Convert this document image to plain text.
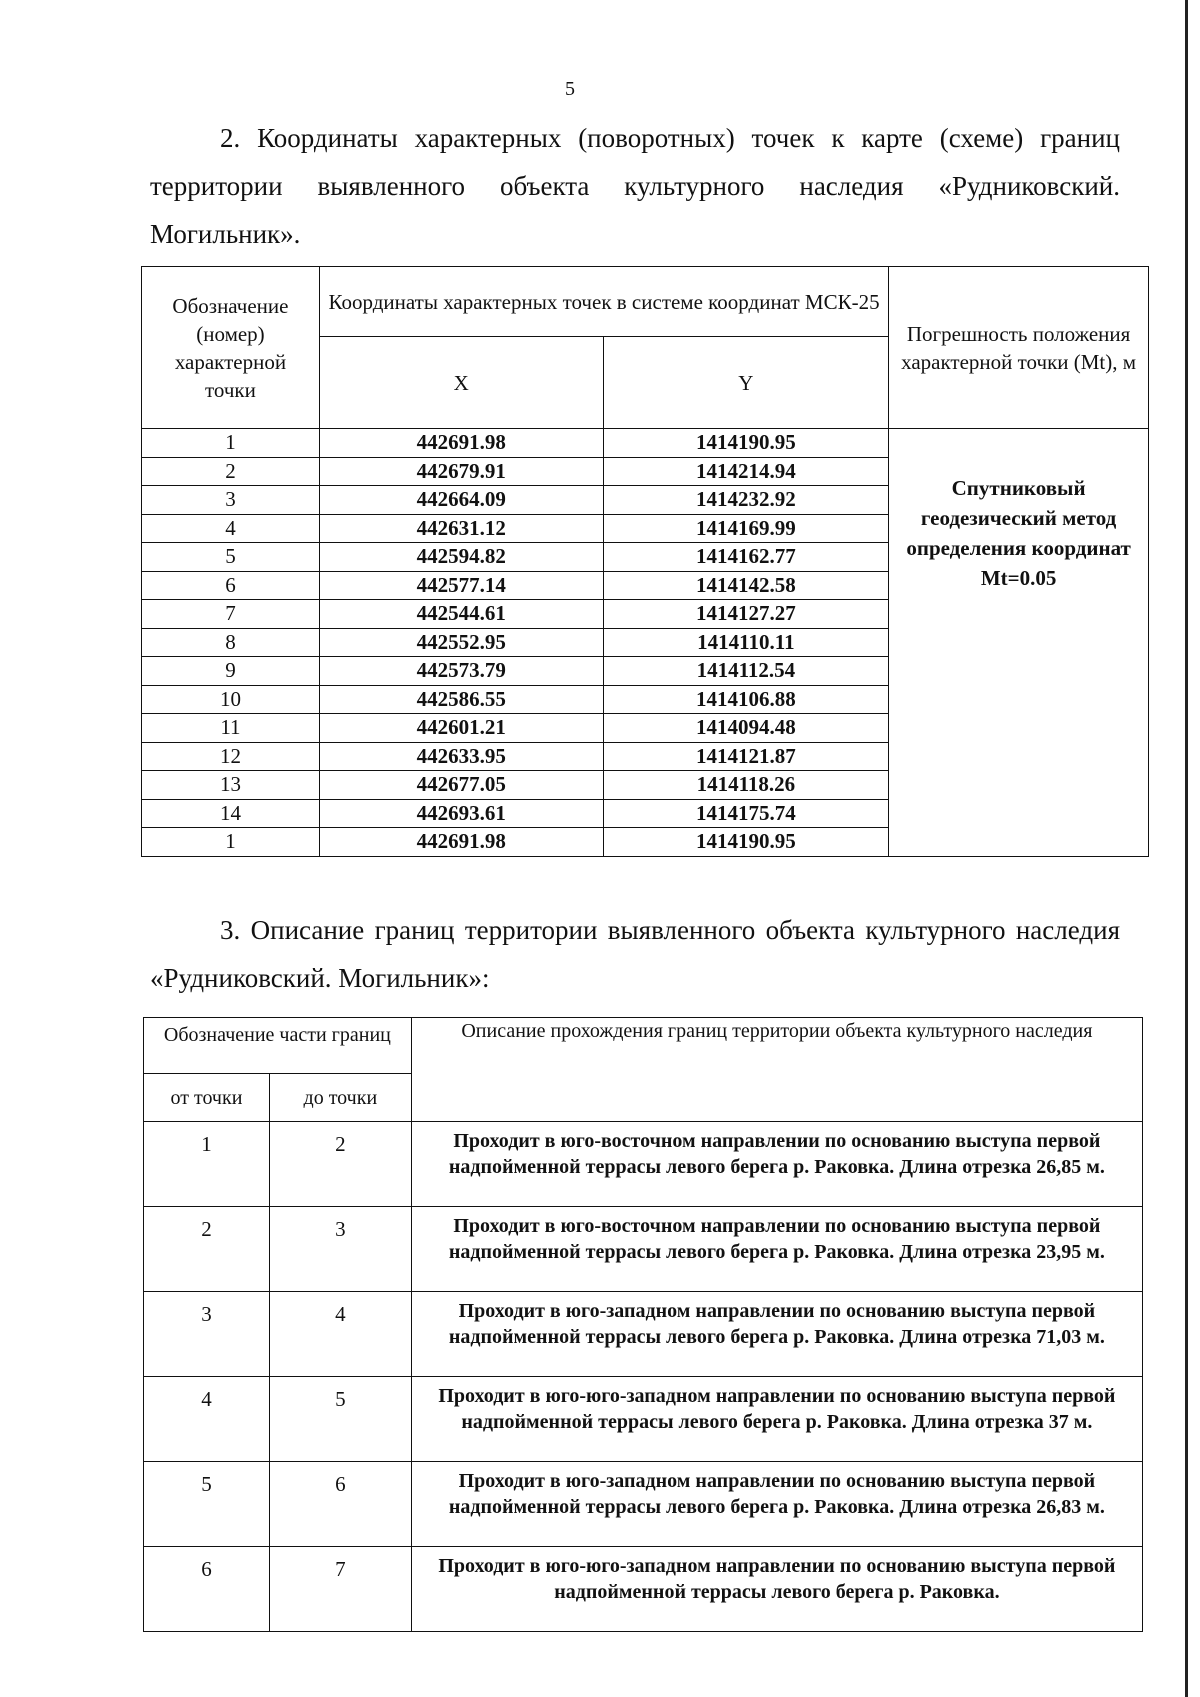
5
2. Координаты характерных (поворотных) точек к карте (схеме) границ территории выявленного объекта культурного наследия «Рудниковский. Могильник».
Обозначение (номер) характерной точки	Координаты характерных точек в системе координат МСК-25		Погрешность положения характерной точки (Mt), м
	X	Y	
1	442691.98	1414190.95	Спутниковый геодезический метод определения координат Mt=0.05
2	442679.91	1414214.94	
3	442664.09	1414232.92	
4	442631.12	1414169.99	
5	442594.82	1414162.77	
6	442577.14	1414142.58	
7	442544.61	1414127.27	
8	442552.95	1414110.11	
9	442573.79	1414112.54	
10	442586.55	1414106.88	
11	442601.21	1414094.48	
12	442633.95	1414121.87	
13	442677.05	1414118.26	
14	442693.61	1414175.74	
1	442691.98	1414190.95	
3. Описание границ территории выявленного объекта культурного наследия «Рудниковский. Могильник»:
Обозначение части границ		Описание прохождения границ территории объекта культурного наследия
от точки	до точки	
1	2	Проходит в юго-восточном направлении по основанию выступа первой надпойменной террасы левого берега р. Раковка. Длина отрезка 26,85 м.
2	3	Проходит в юго-восточном направлении по основанию выступа первой надпойменной террасы левого берега р. Раковка. Длина отрезка 23,95 м.
3	4	Проходит в юго-западном направлении по основанию выступа первой надпойменной террасы левого берега р. Раковка. Длина отрезка 71,03 м.
4	5	Проходит в юго-юго-западном направлении по основанию выступа первой надпойменной террасы левого берега р. Раковка. Длина отрезка 37 м.
5	6	Проходит в юго-западном направлении по основанию выступа первой надпойменной террасы левого берега р. Раковка. Длина отрезка 26,83 м.
6	7	Проходит в юго-юго-западном направлении по основанию выступа первой надпойменной террасы левого берега р. Раковка.
